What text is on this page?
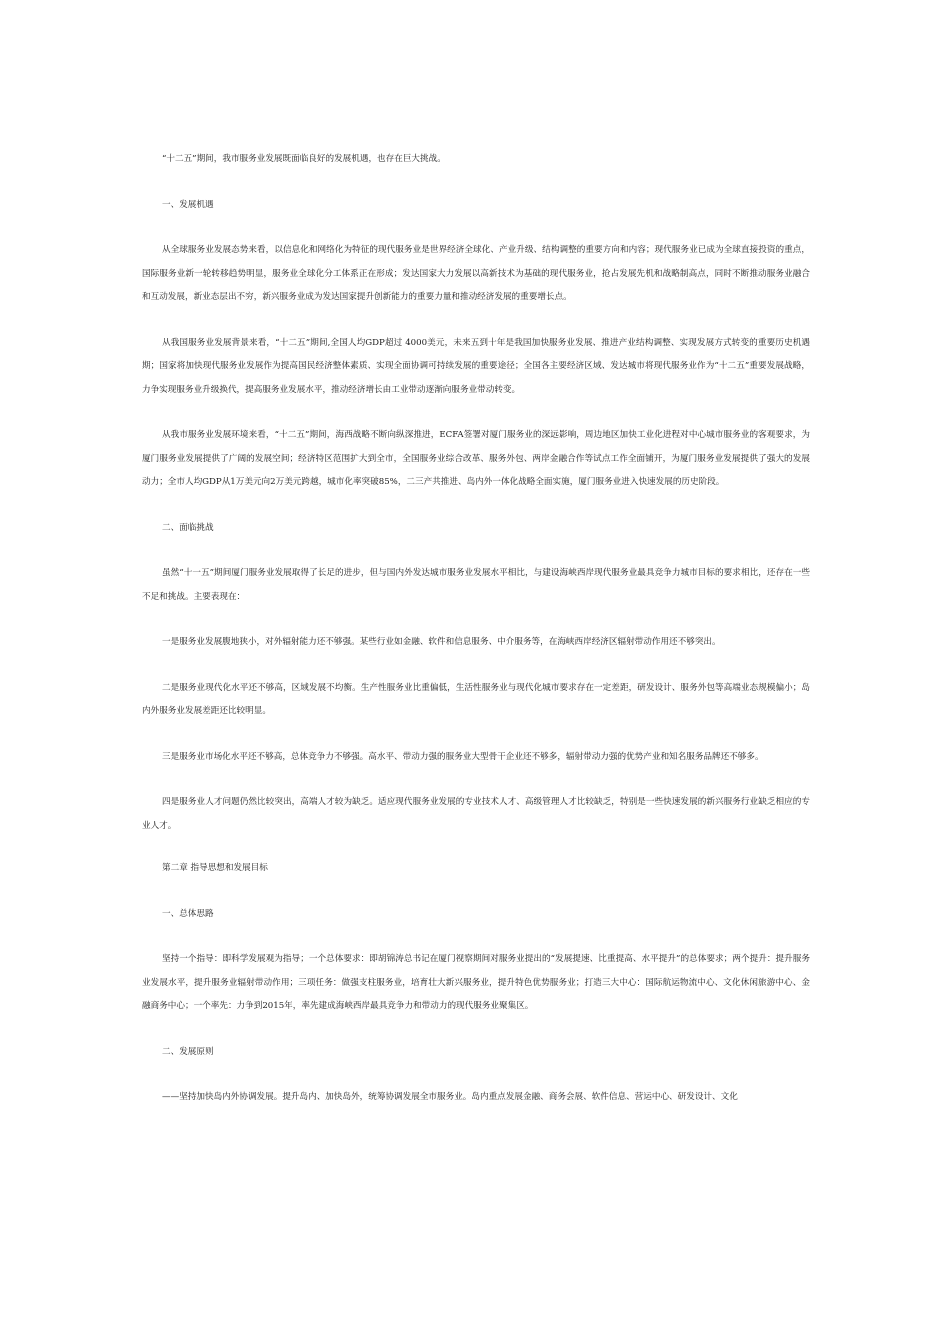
“十二五”期间，我市服务业发展既面临良好的发展机遇，也存在巨大挑战。

一、发展机遇

从全球服务业发展态势来看，以信息化和网络化为特征的现代服务业是世界经济全球化、产业升级、结构调整的重要方向和内容；现代服务业已成为全球直接投资的重点，国际服务业新一轮转移趋势明显，服务业全球化分工体系正在形成；发达国家大力发展以高新技术为基础的现代服务业，抢占发展先机和战略制高点，同时不断推动服务业融合和互动发展，新业态层出不穷，新兴服务业成为发达国家提升创新能力的重要力量和推动经济发展的重要增长点。

从我国服务业发展背景来看，“十二五”期间,全国人均GDP超过 4000美元，未来五到十年是我国加快服务业发展、推进产业结构调整、实现发展方式转变的重要历史机遇期；国家将加快现代服务业发展作为提高国民经济整体素质、实现全面协调可持续发展的重要途径；全国各主要经济区域、发达城市将现代服务业作为“十二五”重要发展战略，力争实现服务业升级换代，提高服务业发展水平，推动经济增长由工业带动逐渐向服务业带动转变。

从我市服务业发展环境来看，“十二五”期间，海西战略不断向纵深推进，ECFA签署对厦门服务业的深远影响，周边地区加快工业化进程对中心城市服务业的客观要求，为厦门服务业发展提供了广阔的发展空间；经济特区范围扩大到全市，全国服务业综合改革、服务外包、两岸金融合作等试点工作全面铺开，为厦门服务业发展提供了强大的发展动力；全市人均GDP从1万美元向2万美元跨越，城市化率突破85%，二三产共推进、岛内外一体化战略全面实施，厦门服务业进入快速发展的历史阶段。

二、面临挑战

虽然“十一五”期间厦门服务业发展取得了长足的进步，但与国内外发达城市服务业发展水平相比，与建设海峡西岸现代服务业最具竞争力城市目标的要求相比，还存在一些不足和挑战。主要表现在：

一是服务业发展腹地狭小，对外辐射能力还不够强。某些行业如金融、软件和信息服务、中介服务等，在海峡西岸经济区辐射带动作用还不够突出。

二是服务业现代化水平还不够高，区域发展不均衡。生产性服务业比重偏低，生活性服务业与现代化城市要求存在一定差距，研发设计、服务外包等高端业态规模偏小；岛内外服务业发展差距还比较明显。

三是服务业市场化水平还不够高，总体竞争力不够强。高水平、带动力强的服务业大型骨干企业还不够多，辐射带动力强的优势产业和知名服务品牌还不够多。

四是服务业人才问题仍然比较突出，高端人才较为缺乏。适应现代服务业发展的专业技术人才、高级管理人才比较缺乏，特别是一些快速发展的新兴服务行业缺乏相应的专业人才。

第二章 指导思想和发展目标

一、总体思路

坚持一个指导：即科学发展观为指导；一个总体要求：即胡锦涛总书记在厦门视察期间对服务业提出的“发展提速、比重提高、水平提升”的总体要求；两个提升：提升服务业发展水平，提升服务业辐射带动作用；三项任务：做强支柱服务业，培育壮大新兴服务业，提升特色优势服务业；打造三大中心：国际航运物流中心、文化休闲旅游中心、金融商务中心；一个率先：力争到2015年，率先建成海峡西岸最具竞争力和带动力的现代服务业聚集区。

二、发展原则

——坚持加快岛内外协调发展。提升岛内、加快岛外，统筹协调发展全市服务业。岛内重点发展金融、商务会展、软件信息、营运中心、研发设计、文化
